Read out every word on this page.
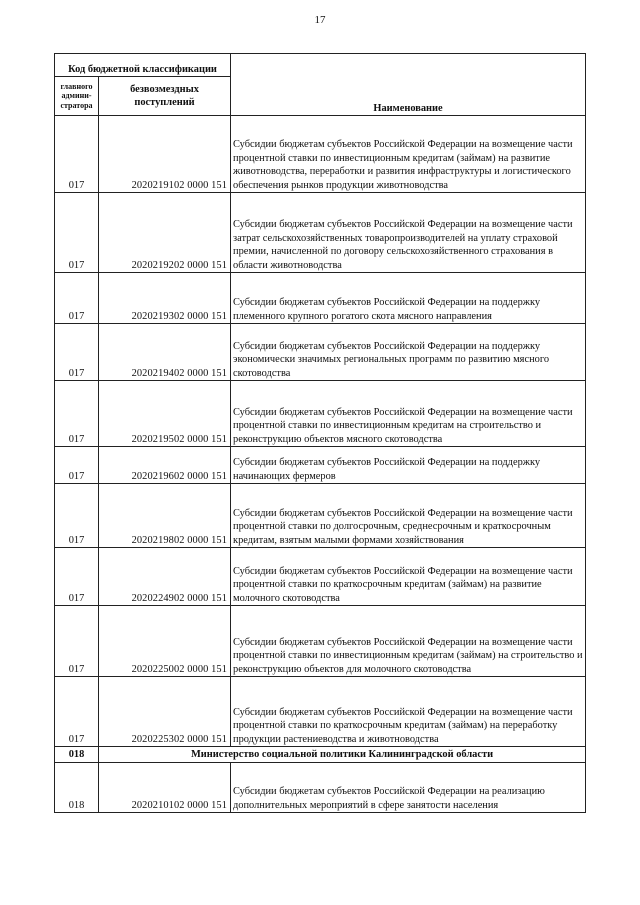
17
Код бюджетной классификации		Наименование
главного админи-стратора	безвозмездных поступлений	
017	2020219102 0000 151	Субсидии бюджетам субъектов Российской Федерации на возмещение части процентной ставки по инвестиционным кредитам (займам) на развитие животноводства, переработки и развития инфраструктуры и логистического обеспечения рынков продукции животноводства
017	2020219202 0000 151	Субсидии бюджетам субъектов Российской Федерации на возмещение части затрат сельскохозяйственных товаропроизводителей на уплату страховой премии, начисленной по договору сельскохозяйственного страхования в области животноводства
017	2020219302 0000 151	Субсидии бюджетам субъектов Российской Федерации на поддержку племенного крупного рогатого скота мясного направления
017	2020219402 0000 151	Субсидии бюджетам субъектов Российской Федерации на поддержку экономически значимых региональных программ по развитию мясного скотоводства
017	2020219502 0000 151	Субсидии бюджетам субъектов Российской Федерации на возмещение части процентной ставки по инвестиционным кредитам на строительство и реконструкцию объектов мясного скотоводства
017	2020219602 0000 151	Субсидии бюджетам субъектов Российской Федерации на поддержку начинающих фермеров
017	2020219802 0000 151	Субсидии бюджетам субъектов Российской Федерации на возмещение части процентной ставки по долгосрочным, среднесрочным и краткосрочным кредитам, взятым малыми формами хозяйствования
017	2020224902 0000 151	Субсидии бюджетам субъектов Российской Федерации на возмещение части процентной ставки по краткосрочным кредитам (займам) на развитие молочного скотоводства
017	2020225002 0000 151	Субсидии бюджетам субъектов Российской Федерации на возмещение части процентной ставки по инвестиционным кредитам (займам) на строительство и реконструкцию объектов для молочного скотоводства
017	2020225302 0000 151	Субсидии бюджетам субъектов Российской Федерации на возмещение части процентной ставки по краткосрочным кредитам (займам) на переработку продукции растениеводства и животноводства
018	Министерство социальной политики Калининградской области	
018	2020210102 0000 151	Субсидии бюджетам субъектов Российской Федерации на реализацию дополнительных мероприятий в сфере занятости населения
